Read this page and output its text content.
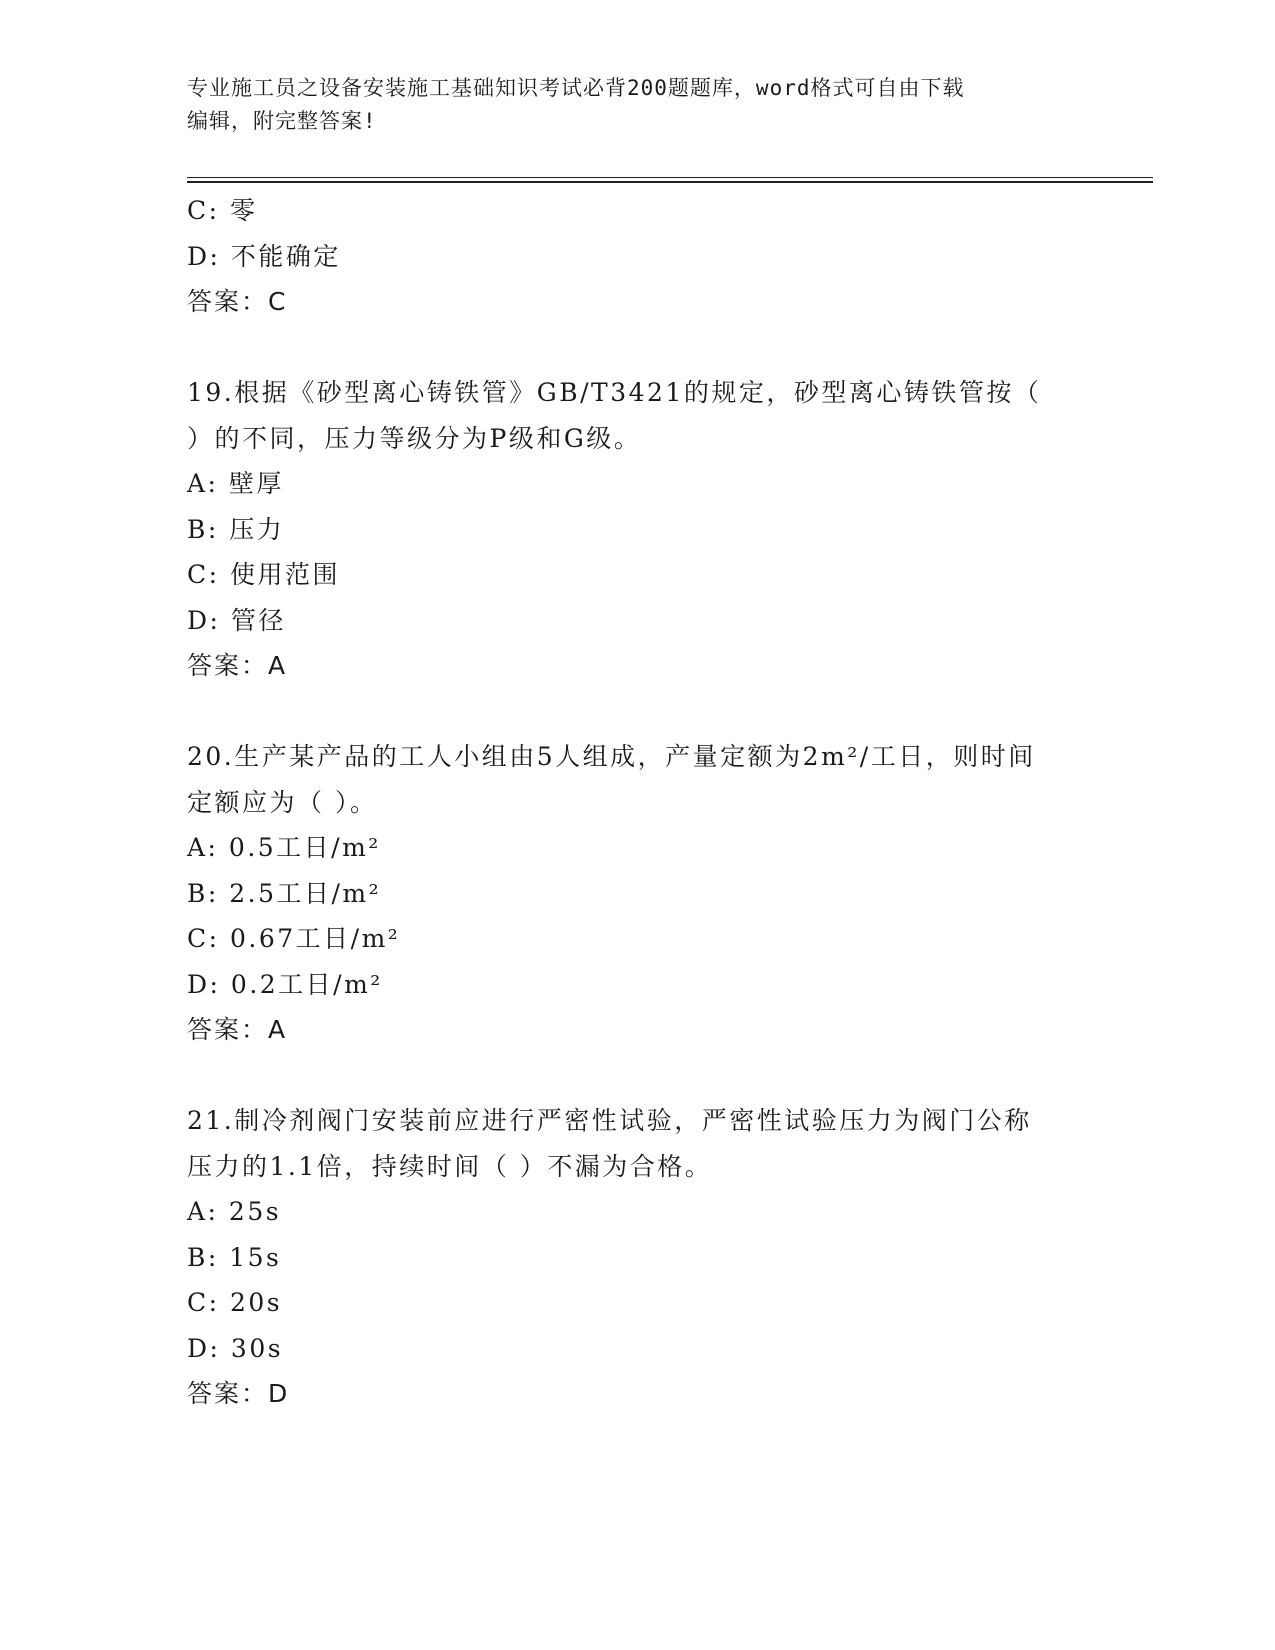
专业施工员之设备安装施工基础知识考试必背200题题库，word格式可自由下载
编辑，附完整答案!
C: 零
D: 不能确定
答案：C
19.根据《砂型离心铸铁管》GB/T3421的规定，砂型离心铸铁管按（
）的不同，压力等级分为P级和G级。
A: 壁厚
B: 压力
C: 使用范围
D: 管径
答案：A
20.生产某产品的工人小组由5人组成，产量定额为2m²/工日，则时间
定额应为（ ）。
A: 0.5工日/m²
B: 2.5工日/m²
C: 0.67工日/m²
D: 0.2工日/m²
答案：A
21.制冷剂阀门安装前应进行严密性试验，严密性试验压力为阀门公称
压力的1.1倍，持续时间（ ）不漏为合格。
A: 25s
B: 15s
C: 20s
D: 30s
答案：D
